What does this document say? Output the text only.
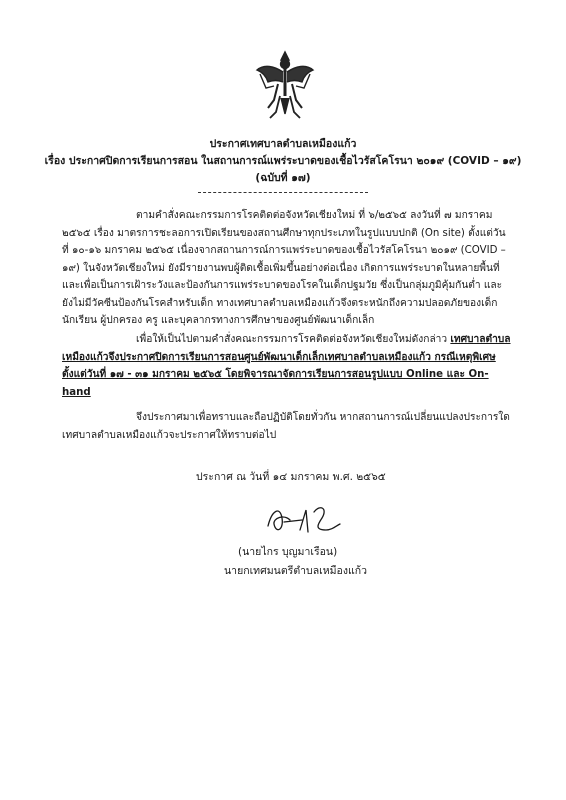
ประกาศเทศบาลตำบลเหมืองแก้ว
เรื่อง ประกาศปิดการเรียนการสอน ในสถานการณ์แพร่ระบาดของเชื้อไวรัสโคโรนา ๒๐๑๙ (COVID – ๑๙)
(ฉบับที่ ๑๗)

ตามคำสั่งคณะกรรมการโรคติดต่อจังหวัดเชียงใหม่ ที่ ๖/๒๕๖๕ ลงวันที่ ๗ มกราคม ๒๕๖๕ เรื่อง มาตรการชะลอการเปิดเรียนของสถานศึกษาทุกประเภทในรูปแบบปกติ (On site) ตั้งแต่วันที่ ๑๐-๑๖ มกราคม ๒๕๖๕ เนื่องจากสถานการณ์การแพร่ระบาดของเชื้อไวรัสโคโรนา ๒๐๑๙ (COVID – ๑๙) ในจังหวัดเชียงใหม่ ยังมีรายงานพบผู้ติดเชื้อเพิ่มขึ้นอย่างต่อเนื่อง เกิดการแพร่ระบาดในหลายพื้นที่ และเพื่อเป็นการเฝ้าระวังและป้องกันการแพร่ระบาดของโรคในเด็กปฐมวัย ซึ่งเป็นกลุ่มภูมิคุ้มกันต่ำ และยังไม่มีวัคซีนป้องกันโรคสำหรับเด็ก ทางเทศบาลตำบลเหมืองแก้วจึงตระหนักถึงความปลอดภัยของเด็กนักเรียน ผู้ปกครอง ครู และบุคลากรทางการศึกษาของศูนย์พัฒนาเด็กเล็ก

เพื่อให้เป็นไปตามคำสั่งคณะกรรมการโรคติดต่อจังหวัดเชียงใหม่ดังกล่าว เทศบาลตำบลเหมืองแก้วจึงประกาศปิดการเรียนการสอนศูนย์พัฒนาเด็กเล็กเทศบาลตำบลเหมืองแก้ว กรณีเหตุพิเศษ ตั้งแต่วันที่ ๑๗ - ๓๑ มกราคม ๒๕๖๕ โดยพิจารณาจัดการเรียนการสอนรูปแบบ Online และ On-hand

จึงประกาศมาเพื่อทราบและถือปฏิบัติโดยทั่วกัน หากสถานการณ์เปลี่ยนแปลงประการใด เทศบาลตำบลเหมืองแก้วจะประกาศให้ทราบต่อไป

ประกาศ ณ วันที่ ๑๔ มกราคม พ.ศ. ๒๕๖๕
(นายไกร บุญมาเรือน)
นายกเทศมนตรีตำบลเหมืองแก้ว
